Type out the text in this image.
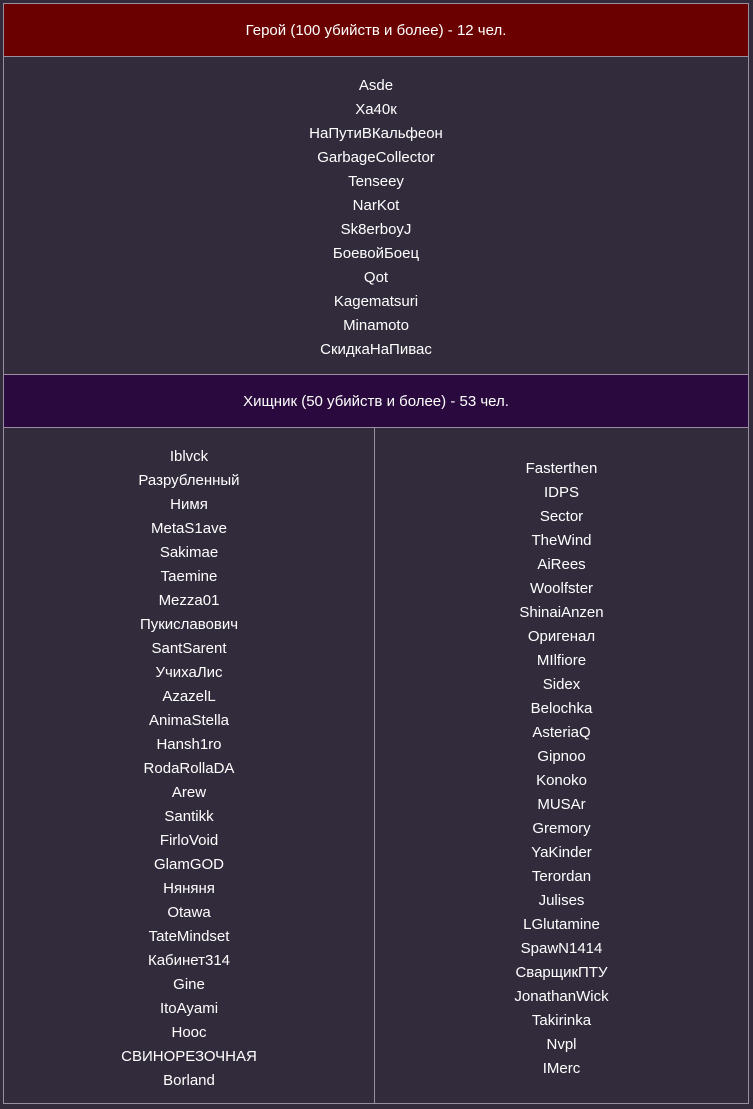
Герой (100 убийств и более) - 12 чел.
Asde
Ха40к
НаПутиВКальфеон
GarbageCollector
Tenseey
NarKot
Sk8erboyJ
БоевойБоец
Qot
Kagematsuri
Minamoto
СкидкаНаПивас
Хищник (50 убийств и более) - 53 чел.
Iblvck
Разрубленный
Нимя
MetaS1ave
Sakimae
Taemine
Mezza01
Пукиславович
SantSarent
УчихаЛис
AzazelL
AnimaStella
Hansh1ro
RodaRollaDA
Arew
Santikk
FirloVoid
GlamGOD
Няняня
Otawa
TateMindset
Кабинет314
Gine
ItoAyami
Hooc
СВИНОРЕЗОЧНАЯ
Borland
Fasterthen
IDPS
Sector
TheWind
AiRees
Woolfster
ShinaiAnzen
Оригенал
MIlfiore
Sidex
Belochka
AsteriaQ
Gipnoo
Konoko
MUSAr
Gremory
YaKinder
Terordan
Julises
LGlutamine
SpawN1414
СварщикПТУ
JonathanWick
Takirinka
Nvpl
IMerc
